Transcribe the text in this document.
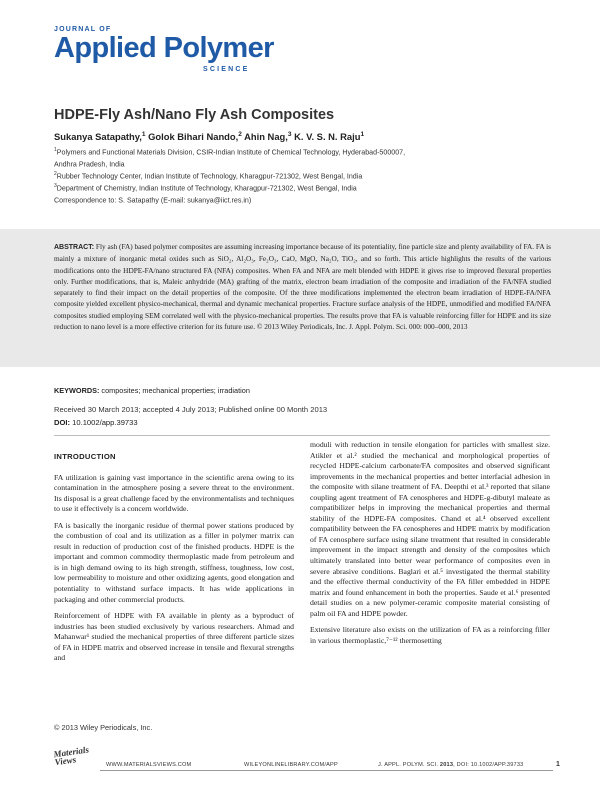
JOURNAL OF
Applied Polymer
SCIENCE
HDPE-Fly Ash/Nano Fly Ash Composites
Sukanya Satapathy,$^1$ Golok Bihari Nando,$^2$ Ahin Nag,$^3$ K. V. S. N. Raju$^1$
$^1$Polymers and Functional Materials Division, CSIR-Indian Institute of Chemical Technology, Hyderabad-500007,
Andhra Pradesh, India
$^2$Rubber Technology Center, Indian Institute of Technology, Kharagpur-721302, West Bengal, India
$^3$Department of Chemistry, Indian Institute of Technology, Kharagpur-721302, West Bengal, India
Correspondence to: S. Satapathy (E-mail: sukanya@iict.res.in)
ABSTRACT: Fly ash (FA) based polymer composites are assuming increasing importance because of its potentiality, fine particle size and plenty availability of FA. FA is mainly a mixture of inorganic metal oxides such as SiO₂, Al₂O₃, Fe₂O₃, CaO, MgO, Na₂O, TiO₂, and so forth. This article highlights the results of the various modifications onto the HDPE-FA/nano structured FA (NFA) composites. When FA and NFA are melt blended with HDPE it gives rise to improved flexural properties only. Further modifications, that is, Maleic anhydride (MA) grafting of the matrix, electron beam irradiation of the composite and irradiation of the FA/NFA studied separately to find their impact on the detail properties of the composite. Of the three modifications implemented the electron beam irradiation of HDPE-FA/NFA composite yielded excellent physico-mechanical, thermal and dynamic mechanical properties. Fracture surface analysis of the HDPE, unmodified and modified FA/NFA composites studied employing SEM correlated well with the physico-mechanical properties. The results prove that FA is valuable reinforcing filler for HDPE and its size reduction to nano level is a more effective criterion for its future use. © 2013 Wiley Periodicals, Inc. J. Appl. Polym. Sci. 000: 000–000, 2013
KEYWORDS: composites; mechanical properties; irradiation
Received 30 March 2013; accepted 4 July 2013; Published online 00 Month 2013
DOI: 10.1002/app.39733
INTRODUCTION

FA utilization is gaining vast importance in the scientific arena owing to its contamination in the atmosphere posing a severe threat to the environment. Its disposal is a great challenge faced by the environmentalists and techniques to use it effectively is a concern worldwide.

FA is basically the inorganic residue of thermal power stations produced by the combustion of coal and its utilization as a filler in polymer matrix can result in reduction of production cost of the finished products. HDPE is the important and common commodity thermoplastic made from petroleum and is in high demand owing to its high strength, stiffness, toughness, low cost, low permeability to moisture and other oxidizing agents, good elongation and potentiality to withstand surface impacts. It has wide applications in packaging and other commercial products.

Reinforcement of HDPE with FA available in plenty as a byproduct of industries has been studied exclusively by various researchers. Ahmad and Mahanwar¹ studied the mechanical properties of three different particle sizes of FA in HDPE matrix and observed increase in tensile and flexural strengths and

moduli with reduction in tensile elongation for particles with smallest size. Atikler et al.² studied the mechanical and morphological properties of recycled HDPE-calcium carbonate/FA composites and observed significant improvements in the mechanical properties and better interfacial adhesion in the composite with silane treatment of FA. Deepthi et al.³ reported that silane coupling agent treatment of FA cenospheres and HDPE-g-dibutyl maleate as compatibilizer helps in improving the mechanical properties and thermal stability of the HDPE-FA composites. Chand et al.⁴ observed excellent compatibility between the FA cenospheres and HDPE matrix by modification of FA cenosphere surface using silane treatment that resulted in considerable improvement in the impact strength and density of the composites which ultimately translated into better wear performance of composites even in severe abrasive conditions. Baglari et al.⁵ investigated the thermal stability and the effective thermal conductivity of the FA filler embedded in HDPE matrix and found enhancement in both the properties. Saude et al.⁶ presented detail studies on a new polymer-ceramic composite material consisting of palm oil FA and HDPE powder.

Extensive literature also exists on the utilization of FA as a reinforcing filler in various thermoplastic,⁷⁻¹² thermosetting

© 2013 Wiley Periodicals, Inc.
Materials Views	WWW.MATERIALSVIEWS.COM	WILEYONLINELIBRARY.COM/APP	J. APPL. POLYM. SCI. 2013, DOI: 10.1002/APP.39733	1
